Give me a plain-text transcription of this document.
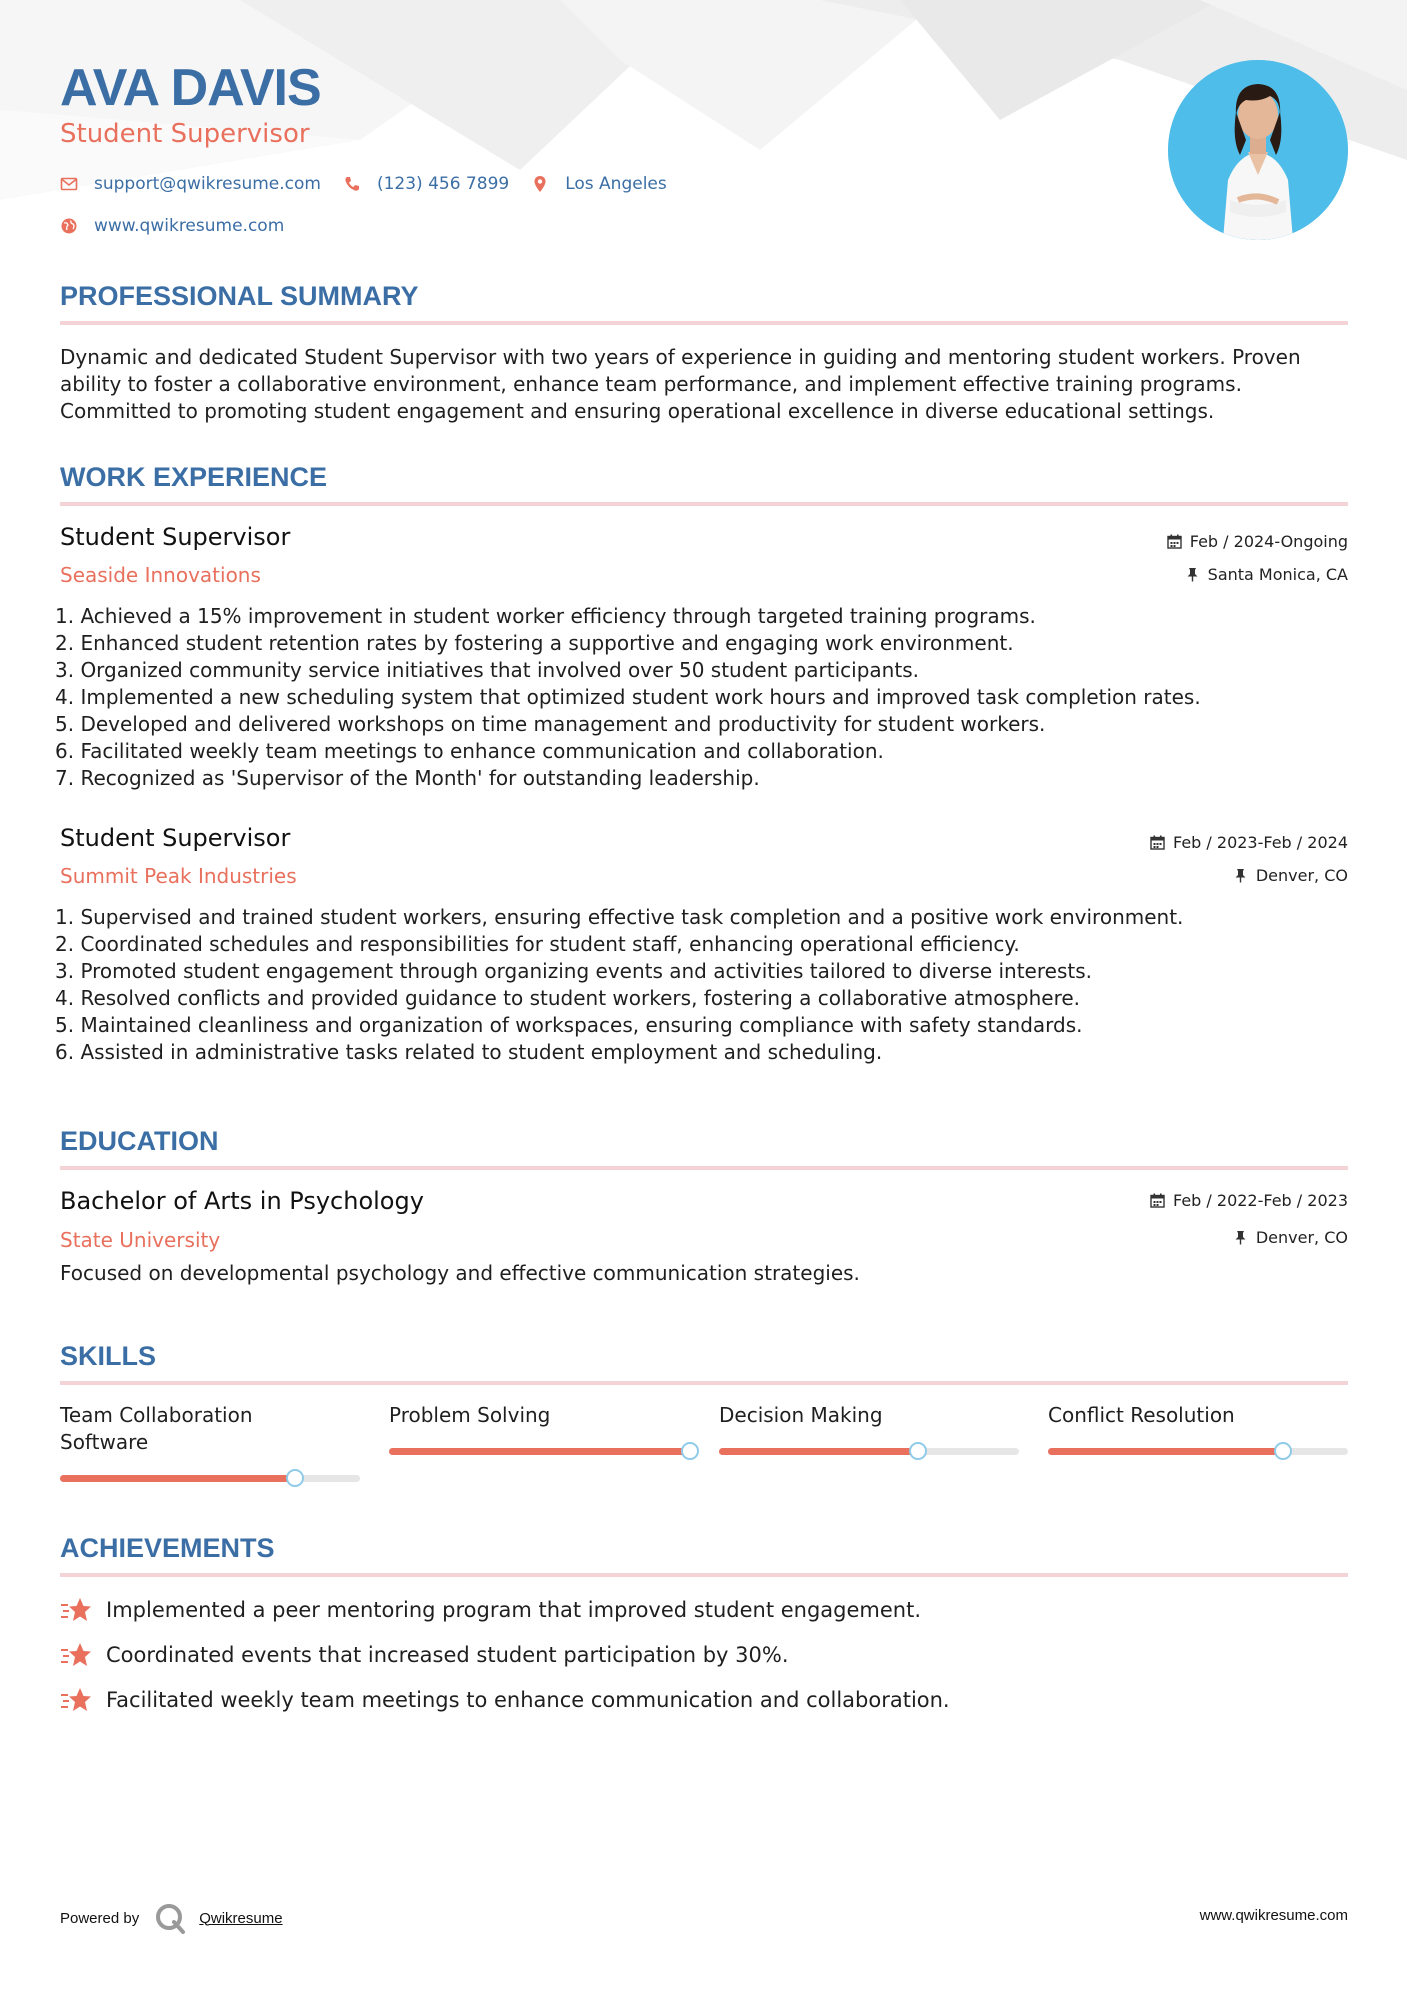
AVA DAVIS
Student Supervisor
support@qwikresume.com	(123) 456 7899	Los Angeles
www.qwikresume.com
PROFESSIONAL SUMMARY

Dynamic and dedicated Student Supervisor with two years of experience in guiding and mentoring student workers. Proven ability to foster a collaborative environment, enhance team performance, and implement effective training programs. Committed to promoting student engagement and ensuring operational excellence in diverse educational settings.

WORK EXPERIENCE
Student Supervisor
Seaside Innovations
Feb / 2024-Ongoing
Santa Monica, CA
1. Achieved a 15% improvement in student worker efficiency through targeted training programs.
2. Enhanced student retention rates by fostering a supportive and engaging work environment.
3. Organized community service initiatives that involved over 50 student participants.
4. Implemented a new scheduling system that optimized student work hours and improved task completion rates.
5. Developed and delivered workshops on time management and productivity for student workers.
6. Facilitated weekly team meetings to enhance communication and collaboration.
7. Recognized as 'Supervisor of the Month' for outstanding leadership.
Student Supervisor
Summit Peak Industries
Feb / 2023-Feb / 2024
Denver, CO
1. Supervised and trained student workers, ensuring effective task completion and a positive work environment.
2. Coordinated schedules and responsibilities for student staff, enhancing operational efficiency.
3. Promoted student engagement through organizing events and activities tailored to diverse interests.
4. Resolved conflicts and provided guidance to student workers, fostering a collaborative atmosphere.
5. Maintained cleanliness and organization of workspaces, ensuring compliance with safety standards.
6. Assisted in administrative tasks related to student employment and scheduling.
EDUCATION
Bachelor of Arts in Psychology
State University
Feb / 2022-Feb / 2023
Denver, CO
Focused on developmental psychology and effective communication strategies.
SKILLS
Team Collaboration Software
Problem Solving	Decision Making	Conflict Resolution
ACHIEVEMENTS
Implemented a peer mentoring program that improved student engagement.
Coordinated events that increased student participation by 30%.
Facilitated weekly team meetings to enhance communication and collaboration.
Powered by	Qwikresume	www.qwikresume.com
